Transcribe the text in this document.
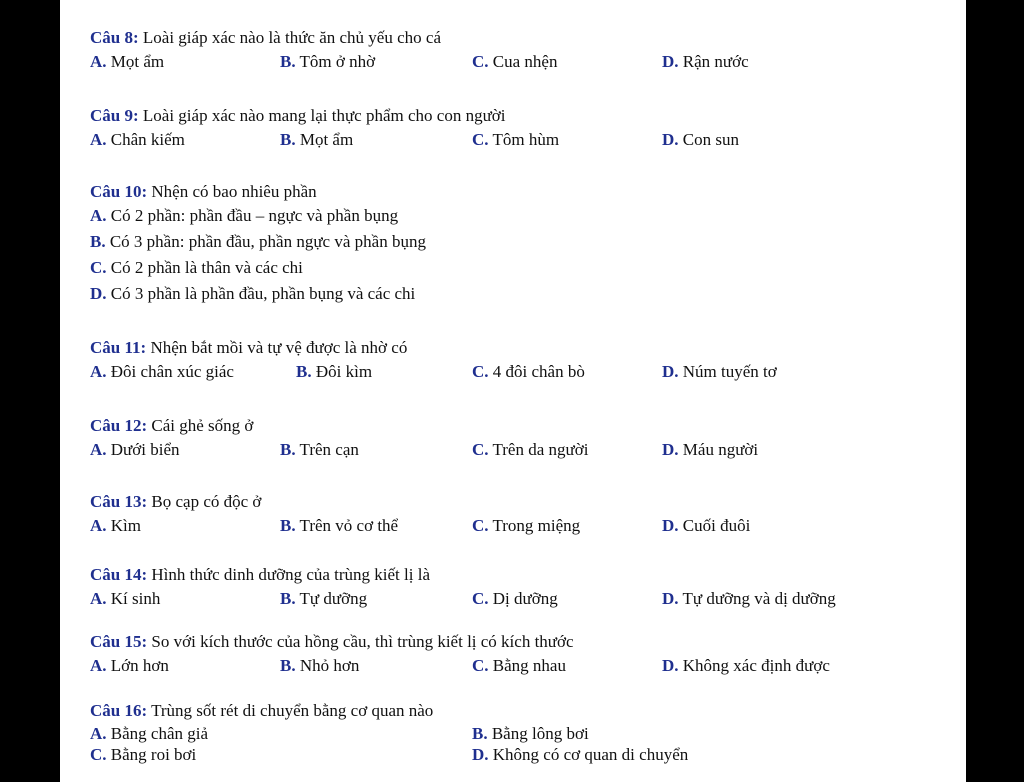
Câu 8: Loài giáp xác nào là thức ăn chủ yếu cho cá
A. Mọt ẩm	B. Tôm ở nhờ	C. Cua nhện	D. Rận nước
Câu 9: Loài giáp xác nào mang lại thực phẩm cho con người
A. Chân kiếm	B. Mọt ẩm	C. Tôm hùm	D. Con sun
Câu 10: Nhện có bao nhiêu phần
A. Có 2 phần: phần đầu – ngực và phần bụng
B. Có 3 phần: phần đầu, phần ngực và phần bụng
C. Có 2 phần là thân và các chi
D. Có 3 phần là phần đầu, phần bụng và các chi
Câu 11: Nhện bắt mồi và tự vệ được là nhờ có
A. Đôi chân xúc giác	B. Đôi kìm	C. 4 đôi chân bò	D. Núm tuyến tơ
Câu 12: Cái ghẻ sống ở
A. Dưới biển	B. Trên cạn	C. Trên da người	D. Máu người
Câu 13: Bọ cạp có độc ở
A. Kìm	B. Trên vỏ cơ thể	C. Trong miệng	D. Cuối đuôi
Câu 14: Hình thức dinh dưỡng của trùng kiết lị là
A. Kí sinh	B. Tự dưỡng	C. Dị dưỡng	D. Tự dưỡng và dị dưỡng
Câu 15: So với kích thước của hồng cầu, thì trùng kiết lị có kích thước
A. Lớn hơn	B. Nhỏ hơn	C. Bằng nhau	D. Không xác định được
Câu 16: Trùng sốt rét di chuyển bằng cơ quan nào
A. Bằng chân giả	B. Bằng lông bơi
C. Bằng roi bơi	D. Không có cơ quan di chuyển
